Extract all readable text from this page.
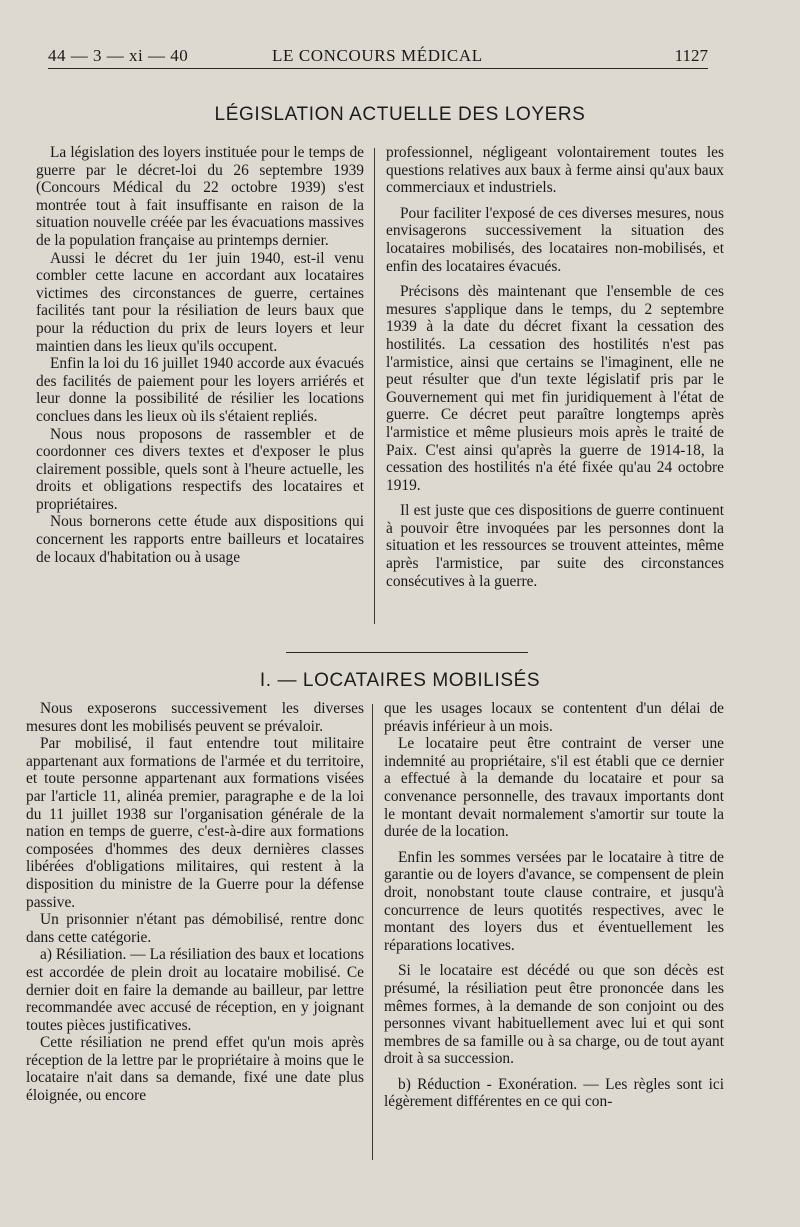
44 — 3 — xi — 40	LE CONCOURS MÉDICAL	1127
LÉGISLATION ACTUELLE DES LOYERS

La législation des loyers instituée pour le temps de guerre par le décret-loi du 26 septembre 1939 (Concours Médical du 22 octobre 1939) s'est montrée tout à fait insuffisante en raison de la situation nouvelle créée par les évacuations massives de la population française au printemps dernier.

Aussi le décret du 1er juin 1940, est-il venu combler cette lacune en accordant aux locataires victimes des circonstances de guerre, certaines facilités tant pour la résiliation de leurs baux que pour la réduction du prix de leurs loyers et leur maintien dans les lieux qu'ils occupent.

Enfin la loi du 16 juillet 1940 accorde aux évacués des facilités de paiement pour les loyers arriérés et leur donne la possibilité de résilier les locations conclues dans les lieux où ils s'étaient repliés.

Nous nous proposons de rassembler et de coordonner ces divers textes et d'exposer le plus clairement possible, quels sont à l'heure actuelle, les droits et obligations respectifs des locataires et propriétaires.

Nous bornerons cette étude aux dispositions qui concernent les rapports entre bailleurs et locataires de locaux d'habitation ou à usage

professionnel, négligeant volontairement toutes les questions relatives aux baux à ferme ainsi qu'aux baux commerciaux et industriels.

Pour faciliter l'exposé de ces diverses mesures, nous envisagerons successivement la situation des locataires mobilisés, des locataires non-mobilisés, et enfin des locataires évacués.

Précisons dès maintenant que l'ensemble de ces mesures s'applique dans le temps, du 2 septembre 1939 à la date du décret fixant la cessation des hostilités. La cessation des hostilités n'est pas l'armistice, ainsi que certains se l'imaginent, elle ne peut résulter que d'un texte législatif pris par le Gouvernement qui met fin juridiquement à l'état de guerre. Ce décret peut paraître longtemps après l'armistice et même plusieurs mois après le traité de Paix. C'est ainsi qu'après la guerre de 1914-18, la cessation des hostilités n'a été fixée qu'au 24 octobre 1919.

Il est juste que ces dispositions de guerre continuent à pouvoir être invoquées par les personnes dont la situation et les ressources se trouvent atteintes, même après l'armistice, par suite des circonstances consécutives à la guerre.

I. — LOCATAIRES MOBILISÉS

Nous exposerons successivement les diverses mesures dont les mobilisés peuvent se prévaloir.

Par mobilisé, il faut entendre tout militaire appartenant aux formations de l'armée et du territoire, et toute personne appartenant aux formations visées par l'article 11, alinéa premier, paragraphe e de la loi du 11 juillet 1938 sur l'organisation générale de la nation en temps de guerre, c'est-à-dire aux formations composées d'hommes des deux dernières classes libérées d'obligations militaires, qui restent à la disposition du ministre de la Guerre pour la défense passive.

Un prisonnier n'étant pas démobilisé, rentre donc dans cette catégorie.

a) Résiliation. — La résiliation des baux et locations est accordée de plein droit au locataire mobilisé. Ce dernier doit en faire la demande au bailleur, par lettre recommandée avec accusé de réception, en y joignant toutes pièces justificatives.

Cette résiliation ne prend effet qu'un mois après réception de la lettre par le propriétaire à moins que le locataire n'ait dans sa demande, fixé une date plus éloignée, ou encore

que les usages locaux se contentent d'un délai de préavis inférieur à un mois.

Le locataire peut être contraint de verser une indemnité au propriétaire, s'il est établi que ce dernier a effectué à la demande du locataire et pour sa convenance personnelle, des travaux importants dont le montant devait normalement s'amortir sur toute la durée de la location.

Enfin les sommes versées par le locataire à titre de garantie ou de loyers d'avance, se compensent de plein droit, nonobstant toute clause contraire, et jusqu'à concurrence de leurs quotités respectives, avec le montant des loyers dus et éventuellement les réparations locatives.

Si le locataire est décédé ou que son décès est présumé, la résiliation peut être prononcée dans les mêmes formes, à la demande de son conjoint ou des personnes vivant habituellement avec lui et qui sont membres de sa famille ou à sa charge, ou de tout ayant droit à sa succession.

b) Réduction - Exonération. — Les règles sont ici légèrement différentes en ce qui con-
